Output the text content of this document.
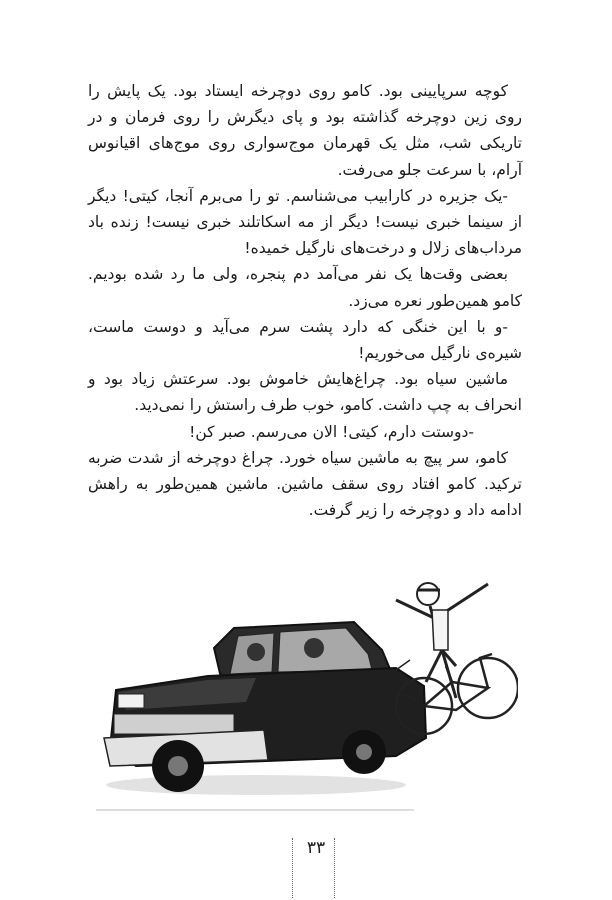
کوچه سرپایینی بود. کامو روی دوچرخه ایستاد بود. یک پایش را روی زین دوچرخه گذاشته بود و پای دیگرش را روی فرمان و در تاریکی شب، مثل یک قهرمان موج‌سواری روی موج‌های اقیانوس آرام، با سرعت جلو می‌رفت.

-یک جزیره در کارابیب می‌شناسم. تو را می‌برم آنجا، کیتی! دیگر از سینما خبری نیست! دیگر از مه اسکاتلند خبری نیست! زنده باد مرداب‌های زلال و درخت‌های نارگیل خمیده!

بعضی وقت‌ها یک نفر می‌آمد دم پنجره، ولی ما رد شده بودیم. کامو همین‌طور نعره می‌زد.

-و با این خنگی که دارد پشت سرم می‌آید و دوست ماست، شیره‌ی نارگیل می‌خوریم!

ماشین سیاه بود. چراغ‌هایش خاموش بود. سرعتش زیاد بود و انحراف به چپ داشت. کامو، خوب طرف راستش را نمی‌دید.

-دوستت دارم، کیتی! الان می‌رسم. صبر کن!

کامو، سر پیچ به ماشین سیاه خورد. چراغ دوچرخه از شدت ضربه ترکید. کامو افتاد روی سقف ماشین. ماشین همین‌طور به راهش ادامه داد و دوچرخه را زیر گرفت.

۳۳
